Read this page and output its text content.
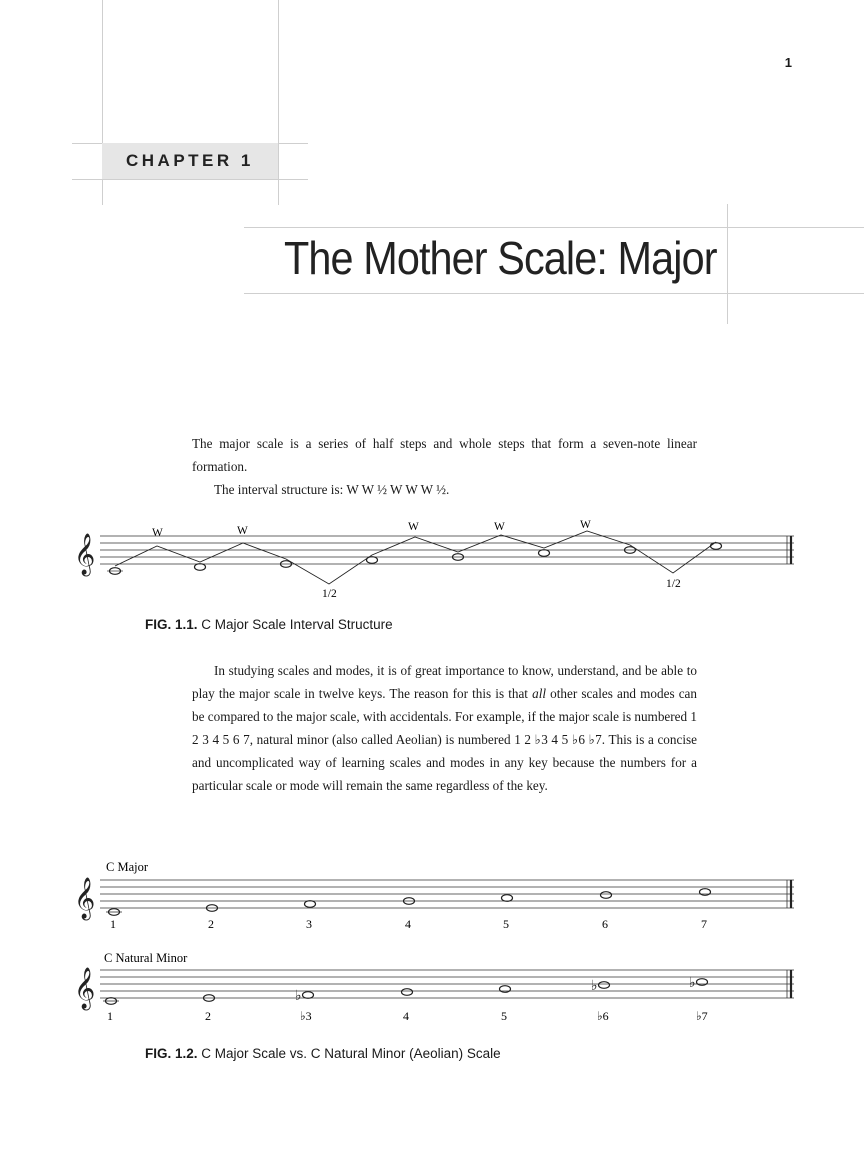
1
CHAPTER 1
The Mother Scale: Major

The major scale is a series of half steps and whole steps that form a seven-note linear formation.

The interval structure is: W W ½ W W W ½.

𝄞
W	W	W	W	W
1/2
1/2
FIG. 1.1. C Major Scale Interval Structure

In studying scales and modes, it is of great importance to know, understand, and be able to play the major scale in twelve keys. The reason for this is that all other scales and modes can be compared to the major scale, with accidentals. For example, if the major scale is numbered 1 2 3 4 5 6 7, natural minor (also called Aeolian) is numbered 1 2 ♭3 4 5 ♭6 ♭7. This is a concise and uncomplicated way of learning scales and modes in any key because the numbers for a particular scale or mode will remain the same regardless of the key.

𝄞
C Major
1	2	3	4	5	6	7
𝄞	♭
♭	♭
C Natural Minor
1	2	♭3	4	5	♭6	♭7
FIG. 1.2. C Major Scale vs. C Natural Minor (Aeolian) Scale
